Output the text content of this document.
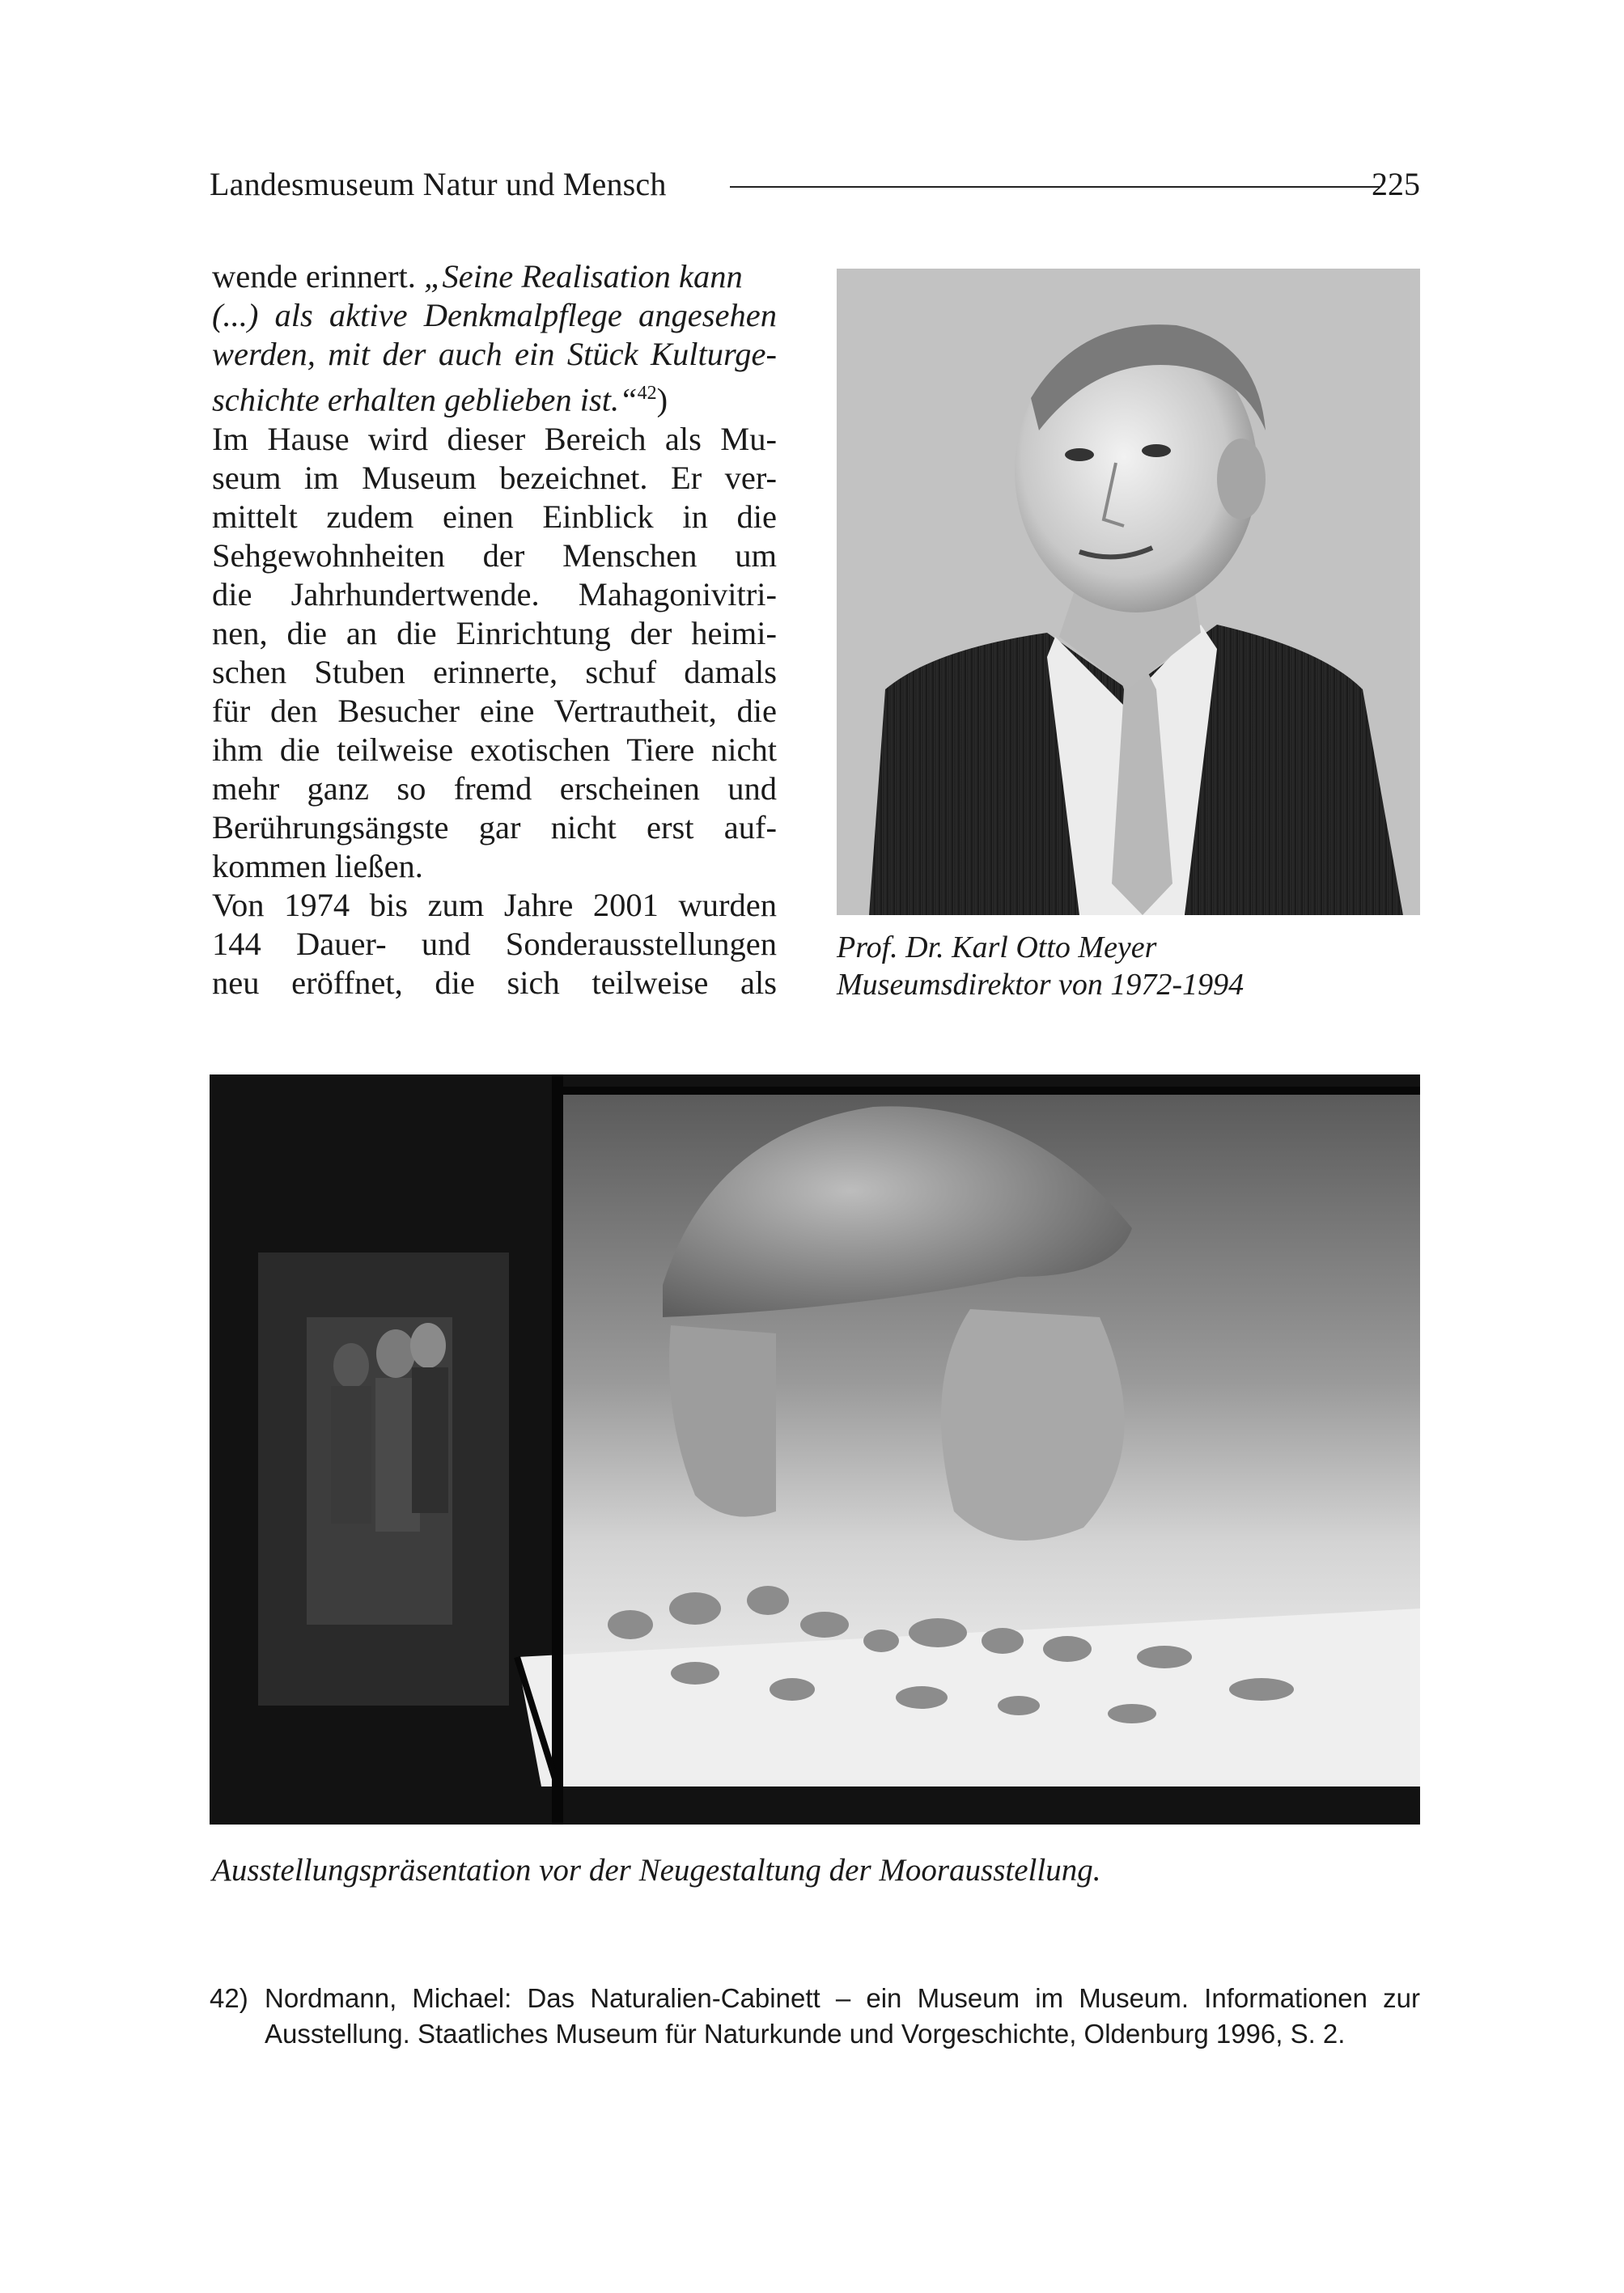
Landesmuseum Natur und Mensch	225

wende erinnert. „Seine Realisation kann

(...) als aktive Denkmalpflege angesehen

werden, mit der auch ein Stück Kulturge-

schichte erhalten geblieben ist.“$^{42}$)

Im Hause wird dieser Bereich als Mu-

seum im Museum bezeichnet. Er ver-

mittelt zudem einen Einblick in die

Sehgewohnheiten der Menschen um

die Jahrhundertwende. Mahagonivitri-

nen, die an die Einrichtung der heimi-

schen Stuben erinnerte, schuf damals

für den Besucher eine Vertrautheit, die

ihm die teilweise exotischen Tiere nicht

mehr ganz so fremd erscheinen und

Berührungsängste gar nicht erst auf-

kommen ließen.

Von 1974 bis zum Jahre 2001 wurden

144 Dauer- und Sonderausstellungen

neu eröffnet, die sich teilweise als

Prof. Dr. Karl Otto Meyer
Museumsdirektor von 1972-1994
Ausstellungspräsentation vor der Neugestaltung der Moorausstellung.
42) Nordmann, Michael: Das Naturalien-Cabinett – ein Museum im Museum. Informationen zur Ausstellung. Staatliches Museum für Naturkunde und Vorgeschichte, Oldenburg 1996, S. 2.
